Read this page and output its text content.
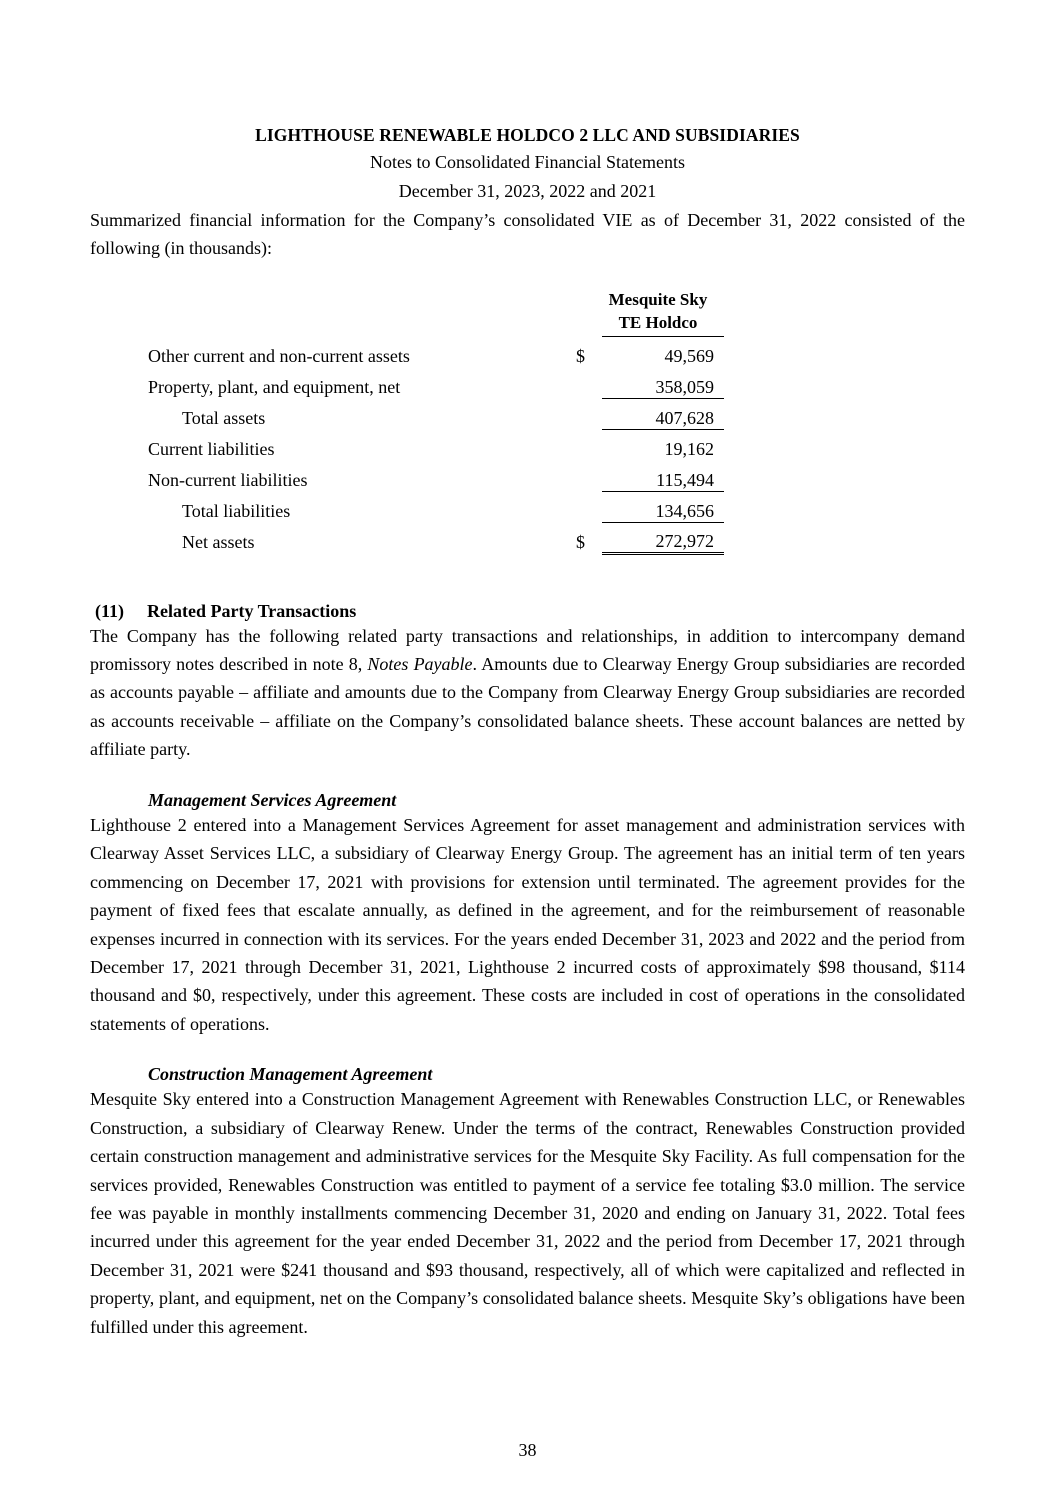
LIGHTHOUSE RENEWABLE HOLDCO 2 LLC AND SUBSIDIARIES
Notes to Consolidated Financial Statements
December 31, 2023, 2022 and 2021

Summarized financial information for the Company’s consolidated VIE as of December 31, 2022 consisted of the following (in thousands):

		Mesquite Sky
TE Holdco

Other current and non-current assets	$	49,569
Property, plant, and equipment, net		358,059
Total assets		407,628
Current liabilities		19,162
Non-current liabilities		115,494
Total liabilities		134,656
Net assets	$	272,972
(11)	Related Party Transactions

The Company has the following related party transactions and relationships, in addition to intercompany demand promissory notes described in note 8, Notes Payable. Amounts due to Clearway Energy Group subsidiaries are recorded as accounts payable – affiliate and amounts due to the Company from Clearway Energy Group subsidiaries are recorded as accounts receivable – affiliate on the Company’s consolidated balance sheets. These account balances are netted by affiliate party.

Management Services Agreement

Lighthouse 2 entered into a Management Services Agreement for asset management and administration services with Clearway Asset Services LLC, a subsidiary of Clearway Energy Group. The agreement has an initial term of ten years commencing on December 17, 2021 with provisions for extension until terminated. The agreement provides for the payment of fixed fees that escalate annually, as defined in the agreement, and for the reimbursement of reasonable expenses incurred in connection with its services. For the years ended December 31, 2023 and 2022 and the period from December 17, 2021 through December 31, 2021, Lighthouse 2 incurred costs of approximately $98 thousand, $114 thousand and $0, respectively, under this agreement. These costs are included in cost of operations in the consolidated statements of operations.

Construction Management Agreement

Mesquite Sky entered into a Construction Management Agreement with Renewables Construction LLC, or Renewables Construction, a subsidiary of Clearway Renew. Under the terms of the contract, Renewables Construction provided certain construction management and administrative services for the Mesquite Sky Facility. As full compensation for the services provided, Renewables Construction was entitled to payment of a service fee totaling $3.0 million. The service fee was payable in monthly installments commencing December 31, 2020 and ending on January 31, 2022. Total fees incurred under this agreement for the year ended December 31, 2022 and the period from December 17, 2021 through December 31, 2021 were $241 thousand and $93 thousand, respectively, all of which were capitalized and reflected in property, plant, and equipment, net on the Company’s consolidated balance sheets. Mesquite Sky’s obligations have been fulfilled under this agreement.

38
